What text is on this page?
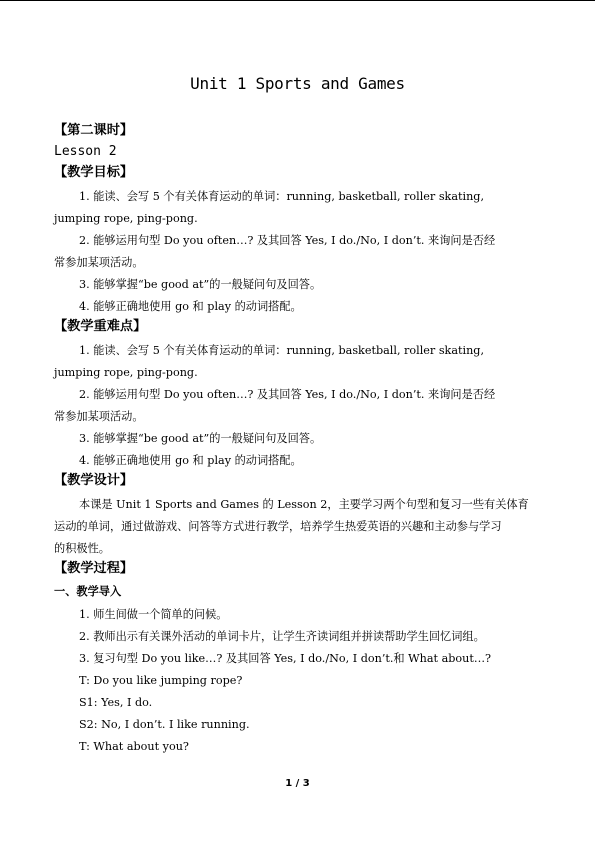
Unit 1 Sports and Games
【第二课时】
Lesson 2
【教学目标】
1. 能读、会写 5 个有关体育运动的单词：running, basketball, roller skating,
jumping rope, ping-pong.
2. 能够运用句型 Do you often…? 及其回答 Yes, I do./No, I don’t. 来询问是否经
常参加某项活动。
3. 能够掌握“be good at”的一般疑问句及回答。
4. 能够正确地使用 go 和 play 的动词搭配。
【教学重难点】
1. 能读、会写 5 个有关体育运动的单词：running, basketball, roller skating,
jumping rope, ping-pong.
2. 能够运用句型 Do you often…? 及其回答 Yes, I do./No, I don’t. 来询问是否经
常参加某项活动。
3. 能够掌握“be good at”的一般疑问句及回答。
4. 能够正确地使用 go 和 play 的动词搭配。
【教学设计】
本课是 Unit 1 Sports and Games 的 Lesson 2，主要学习两个句型和复习一些有关体育
运动的单词，通过做游戏、问答等方式进行教学，培养学生热爱英语的兴趣和主动参与学习
的积极性。
【教学过程】
一、教学导入
1. 师生间做一个简单的问候。
2. 教师出示有关课外活动的单词卡片，让学生齐读词组并拼读帮助学生回忆词组。
3. 复习句型 Do you like…? 及其回答 Yes, I do./No, I don’t.和 What about…?
T: Do you like jumping rope?
S1: Yes, I do.
S2: No, I don’t. I like running.
T: What about you?
1 / 3
